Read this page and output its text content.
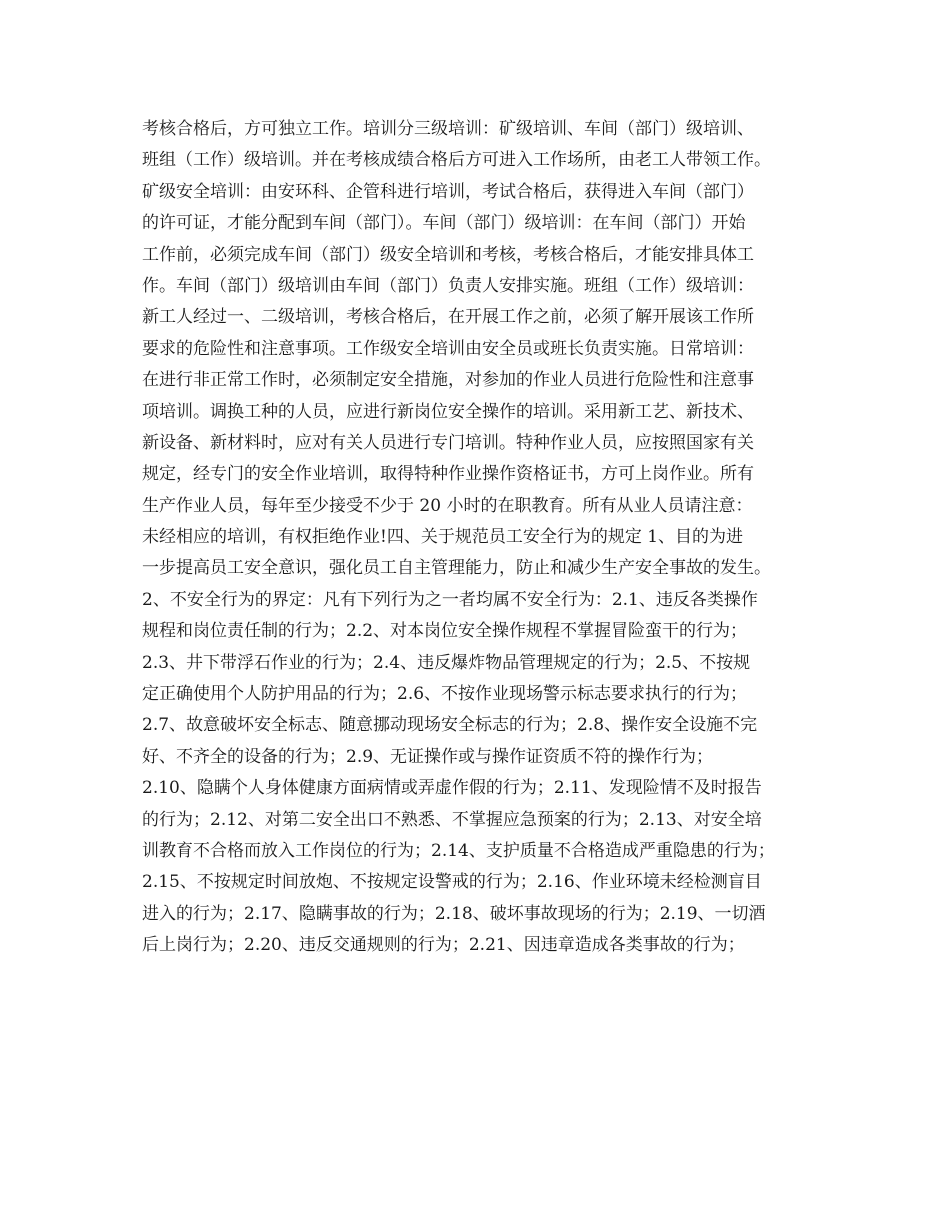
考核合格后，方可独立工作。培训分三级培训：矿级培训、车间（部门）级培训、
班组（工作）级培训。并在考核成绩合格后方可进入工作场所，由老工人带领工作。
矿级安全培训：由安环科、企管科进行培训，考试合格后，获得进入车间（部门）
的许可证，才能分配到车间（部门）。车间（部门）级培训：在车间（部门）开始
工作前，必须完成车间（部门）级安全培训和考核，考核合格后，才能安排具体工
作。车间（部门）级培训由车间（部门）负责人安排实施。班组（工作）级培训：
新工人经过一、二级培训，考核合格后，在开展工作之前，必须了解开展该工作所
要求的危险性和注意事项。工作级安全培训由安全员或班长负责实施。日常培训：
在进行非正常工作时，必须制定安全措施，对参加的作业人员进行危险性和注意事
项培训。调换工种的人员，应进行新岗位安全操作的培训。采用新工艺、新技术、
新设备、新材料时，应对有关人员进行专门培训。特种作业人员，应按照国家有关
规定，经专门的安全作业培训，取得特种作业操作资格证书，方可上岗作业。所有
生产作业人员，每年至少接受不少于 20 小时的在职教育。所有从业人员请注意：
未经相应的培训，有权拒绝作业!四、关于规范员工安全行为的规定 1、目的为进
一步提高员工安全意识，强化员工自主管理能力，防止和减少生产安全事故的发生。
2、不安全行为的界定：凡有下列行为之一者均属不安全行为：2.1、违反各类操作
规程和岗位责任制的行为；2.2、对本岗位安全操作规程不掌握冒险蛮干的行为；
2.3、井下带浮石作业的行为；2.4、违反爆炸物品管理规定的行为；2.5、不按规
定正确使用个人防护用品的行为；2.6、不按作业现场警示标志要求执行的行为；
2.7、故意破坏安全标志、随意挪动现场安全标志的行为；2.8、操作安全设施不完
好、不齐全的设备的行为；2.9、无证操作或与操作证资质不符的操作行为；
2.10、隐瞒个人身体健康方面病情或弄虚作假的行为；2.11、发现险情不及时报告
的行为；2.12、对第二安全出口不熟悉、不掌握应急预案的行为；2.13、对安全培
训教育不合格而放入工作岗位的行为；2.14、支护质量不合格造成严重隐患的行为；
2.15、不按规定时间放炮、不按规定设警戒的行为；2.16、作业环境未经检测盲目
进入的行为；2.17、隐瞒事故的行为；2.18、破坏事故现场的行为；2.19、一切酒
后上岗行为；2.20、违反交通规则的行为；2.21、因违章造成各类事故的行为；
